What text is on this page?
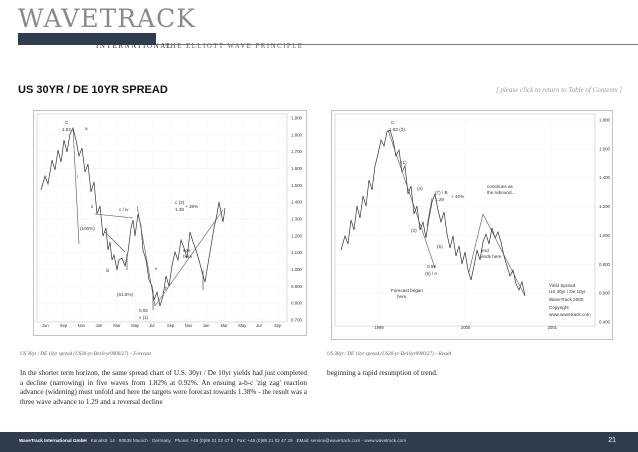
WAVETRACK
INTERNATIONAL
THE ELLIOTT WAVE PRINCIPLE
US 30YR / DE 10YR SPREAD	[ please click to return to Table of Contents ]
1.900
1.800
1.700
1.600
1.500
1.400
1.300
1.200
1.100
1.000
0.900
0.800
0.700
Jun	Sep Nov Jan	Mar	May Jul	Sep Nov Jan	Mar	May Jul	Sep
C
1.82	a
i
ii
(100%)
c / iv
iii
(61.8%)
0.92
v (1)
b
c (2)
1.38
+ 38%
see
here
v
1.800
1.600
1.400
1.200
1.000
0.800
0.600
0.400
1999	2000	2001
C
1.82 (2)
(1)
(4)
(3)
(5)
(7) / B
1.29
+ 40%
continues as
the rebound...
0.98
(5) / A
Forecast began
here.
end
ends here
Yield Spread
US 30yr / De 10yr
WaveTrack 2000
Copyright
www.wavetrack.com
US 30yr / DE 10yr spread (US30-yr-De10-yr0900/27) – Forecast	US 30yr / DE 10yr spread (US30-yr-De10yr0900/27) – Result
In the shorter term horizon, the same spread chart of U.S. 30yr / De 10yr yields had just completed a decline (narrowing) in five waves from 1.82% at 0.92%. An ensuing a-b-c 'zig zag' reaction advance (widening) must unfold and here the targets were forecast towards 1.38% - the result was a three wave advance to 1.29 and a reversal decline
beginning a rapid resumption of trend.
WaveTrack International GmbH Kanalstr. 14 · 80538 Munich · Germany Phone: +49 (0)89 21 02 47 0 Fax: +49 (0)89 21 02 47 29 EMail: service@wavetrack.com · www.wavetrack.com	21
